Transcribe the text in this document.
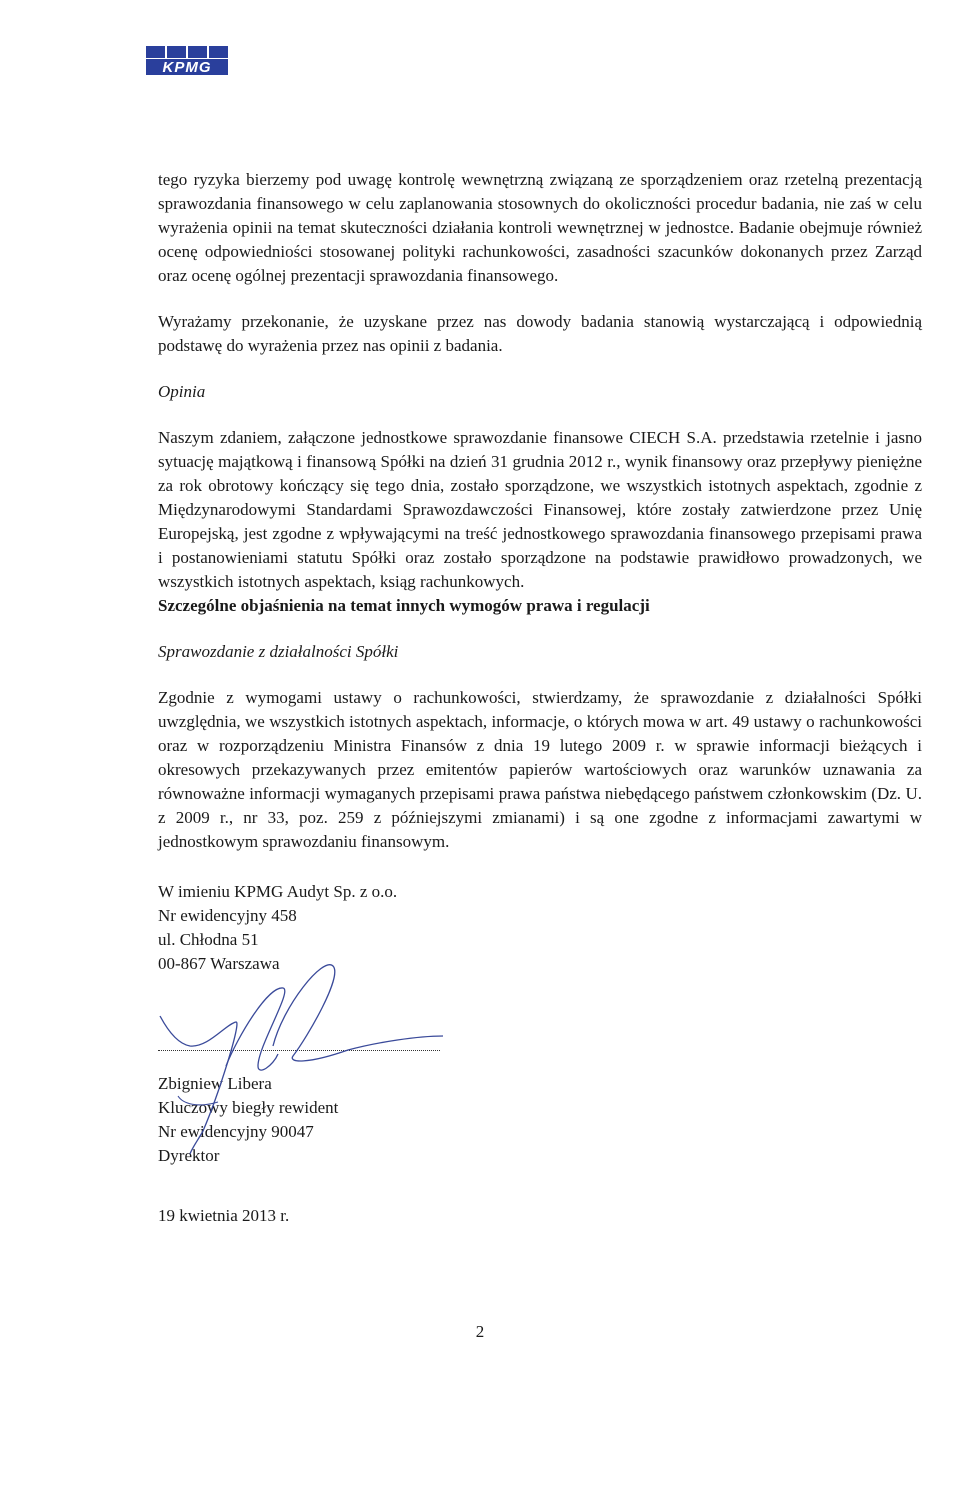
KPMG

tego ryzyka bierzemy pod uwagę kontrolę wewnętrzną związaną ze sporządzeniem oraz rzetelną prezentacją sprawozdania finansowego w celu zaplanowania stosownych do okoliczności procedur badania, nie zaś w celu wyrażenia opinii na temat skuteczności działania kontroli wewnętrznej w jednostce. Badanie obejmuje również ocenę odpowiedniości stosowanej polityki rachunkowości, zasadności szacunków dokonanych przez Zarząd oraz ocenę ogólnej prezentacji sprawozdania finansowego.

Wyrażamy przekonanie, że uzyskane przez nas dowody badania stanowią wystarczającą i odpowiednią podstawę do wyrażenia przez nas opinii z badania.

Opinia

Naszym zdaniem, załączone jednostkowe sprawozdanie finansowe CIECH S.A. przedstawia rzetelnie i jasno sytuację majątkową i finansową Spółki na dzień 31 grudnia 2012 r., wynik finansowy oraz przepływy pieniężne za rok obrotowy kończący się tego dnia, zostało sporządzone, we wszystkich istotnych aspektach, zgodnie z Międzynarodowymi Standardami Sprawozdawczości Finansowej, które zostały zatwierdzone przez Unię Europejską, jest zgodne z wpływającymi na treść jednostkowego sprawozdania finansowego przepisami prawa i postanowieniami statutu Spółki oraz zostało sporządzone na podstawie prawidłowo prowadzonych, we wszystkich istotnych aspektach, ksiąg rachunkowych.

Szczególne objaśnienia na temat innych wymogów prawa i regulacji

Sprawozdanie z działalności Spółki

Zgodnie z wymogami ustawy o rachunkowości, stwierdzamy, że sprawozdanie z działalności Spółki uwzględnia, we wszystkich istotnych aspektach, informacje, o których mowa w art. 49 ustawy o rachunkowości oraz w rozporządzeniu Ministra Finansów z dnia 19 lutego 2009 r. w sprawie informacji bieżących i okresowych przekazywanych przez emitentów papierów wartościowych oraz warunków uznawania za równoważne informacji wymaganych przepisami prawa państwa niebędącego państwem członkowskim (Dz. U. z 2009 r., nr 33, poz. 259 z późniejszymi zmianami) i są one zgodne z informacjami zawartymi w jednostkowym sprawozdaniu finansowym.

W imieniu KPMG Audyt Sp. z o.o.

Nr ewidencyjny 458

ul. Chłodna 51

00-867 Warszawa

Zbigniew Libera

Kluczowy biegły rewident

Nr ewidencyjny 90047

Dyrektor

19 kwietnia 2013 r.

2
